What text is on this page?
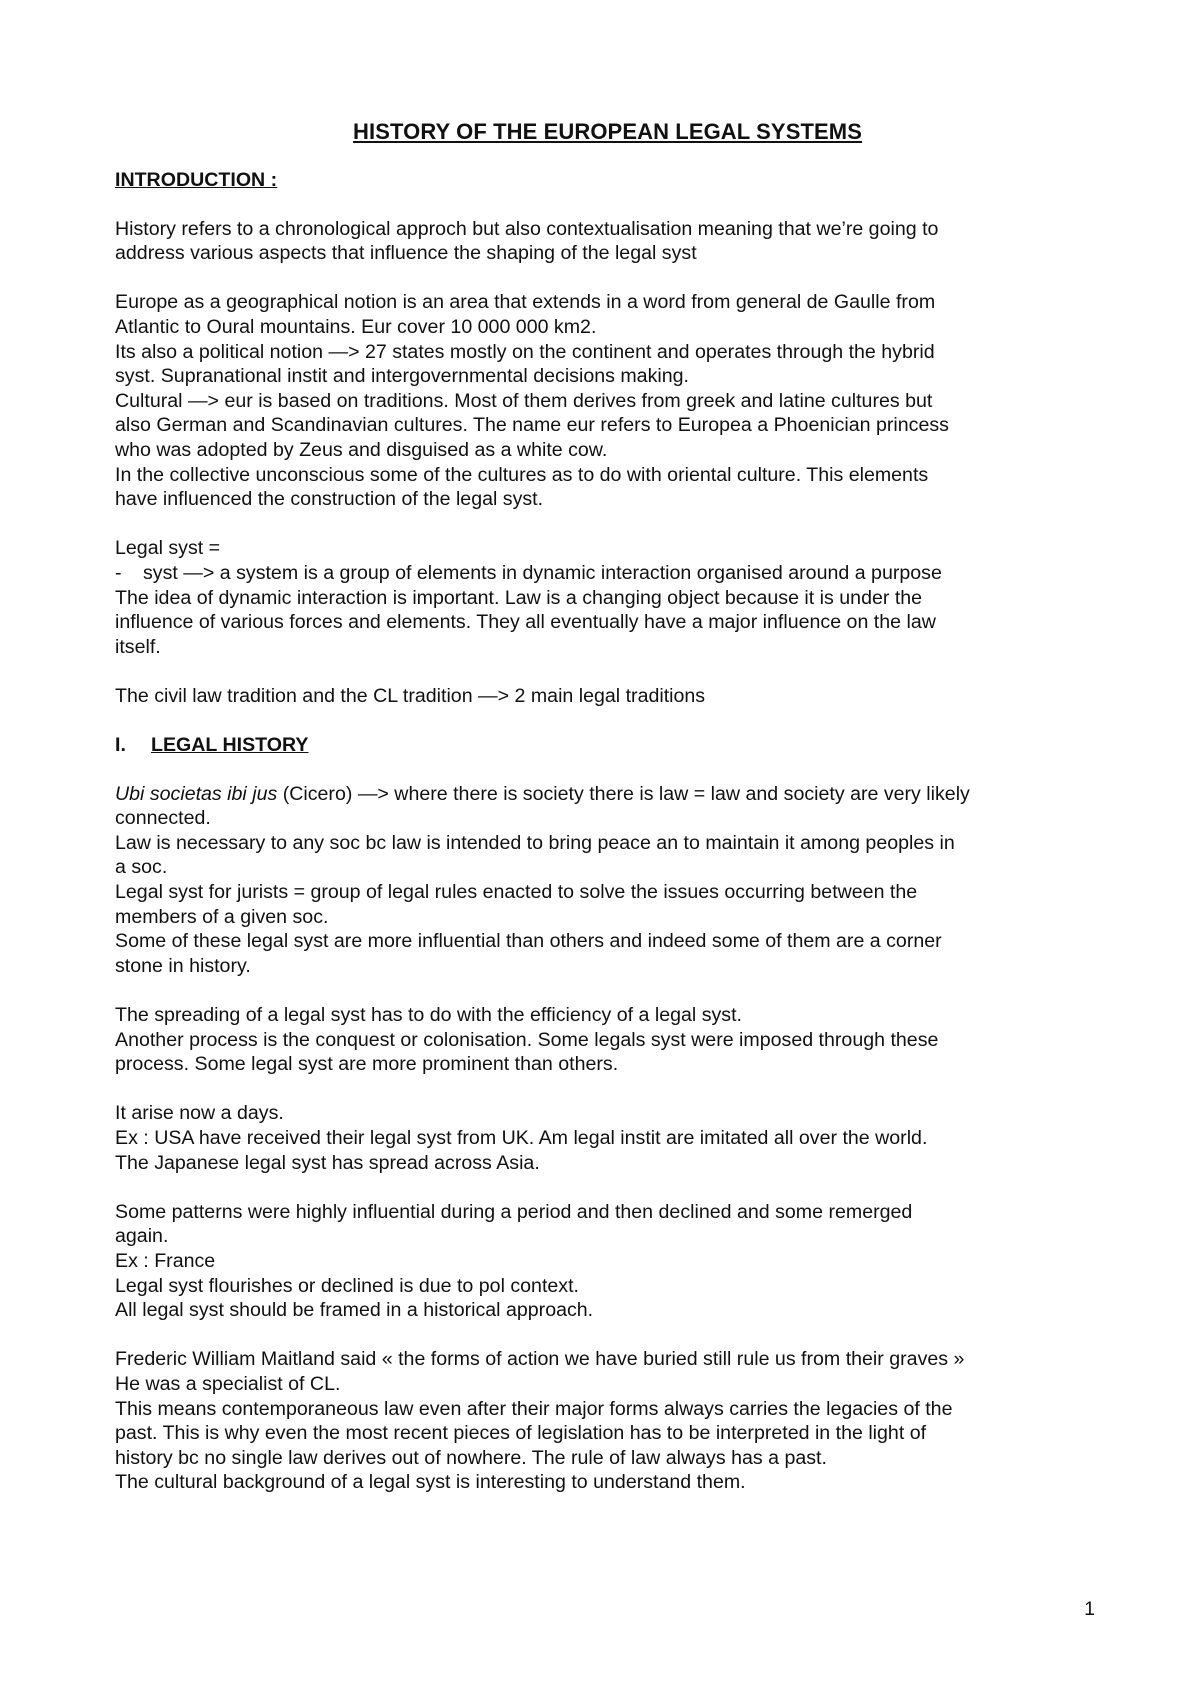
HISTORY OF THE EUROPEAN LEGAL SYSTEMS
INTRODUCTION :
History refers to a chronological approch but also contextualisation meaning that we’re going to
address various aspects that influence the shaping of the legal syst
Europe as a geographical notion is an area that extends in a word from general de Gaulle from
Atlantic to Oural mountains. Eur cover 10 000 000 km2.
Its also a political notion —> 27 states mostly on the continent and operates through the hybrid
syst. Supranational instit and intergovernmental decisions making.
Cultural —> eur is based on traditions. Most of them derives from greek and latine cultures but
also German and Scandinavian cultures. The name eur refers to Europea a Phoenician princess
who was adopted by Zeus and disguised as a white cow.
In the collective unconscious some of the cultures as to do with oriental culture. This elements
have influenced the construction of the legal syst.
Legal syst =
- syst —> a system is a group of elements in dynamic interaction organised around a purpose
The idea of dynamic interaction is important. Law is a changing object because it is under the
influence of various forces and elements. They all eventually have a major influence on the law
itself.
The civil law tradition and the CL tradition —> 2 main legal traditions
I. LEGAL HISTORY
Ubi societas ibi jus (Cicero) —> where there is society there is law = law and society are very likely
connected.
Law is necessary to any soc bc law is intended to bring peace an to maintain it among peoples in
a soc.
Legal syst for jurists = group of legal rules enacted to solve the issues occurring between the
members of a given soc.
Some of these legal syst are more influential than others and indeed some of them are a corner
stone in history.
The spreading of a legal syst has to do with the efficiency of a legal syst.
Another process is the conquest or colonisation. Some legals syst were imposed through these
process. Some legal syst are more prominent than others.
It arise now a days.
Ex : USA have received their legal syst from UK. Am legal instit are imitated all over the world.
The Japanese legal syst has spread across Asia.
Some patterns were highly influential during a period and then declined and some remerged
again.
Ex : France
Legal syst flourishes or declined is due to pol context.
All legal syst should be framed in a historical approach.
Frederic William Maitland said « the forms of action we have buried still rule us from their graves »
He was a specialist of CL.
This means contemporaneous law even after their major forms always carries the legacies of the
past. This is why even the most recent pieces of legislation has to be interpreted in the light of
history bc no single law derives out of nowhere. The rule of law always has a past.
The cultural background of a legal syst is interesting to understand them.
1
